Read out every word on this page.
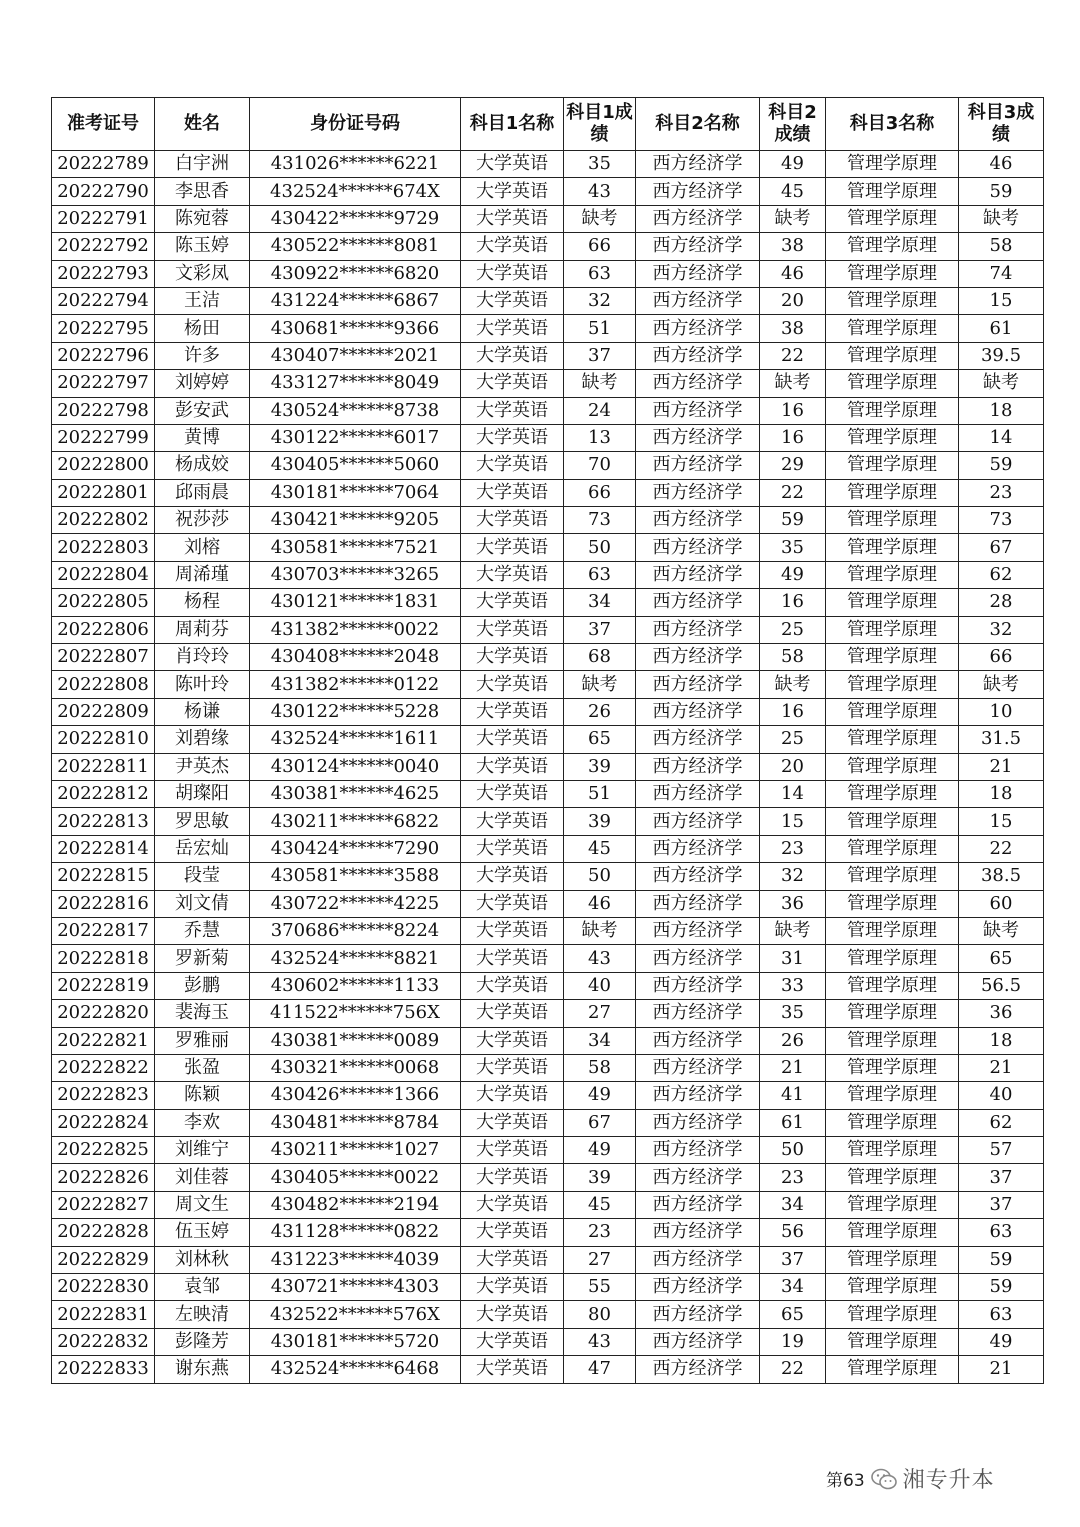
准考证号	姓名	身份证号码	科目1名称	科目1成绩	科目2名称	科目2成绩	科目3名称	科目3成绩
20222789	白宇洲	431026******6221	大学英语	35	西方经济学	49	管理学原理	46
20222790	李思香	432524******674X	大学英语	43	西方经济学	45	管理学原理	59
20222791	陈宛蓉	430422******9729	大学英语	缺考	西方经济学	缺考	管理学原理	缺考
20222792	陈玉婷	430522******8081	大学英语	66	西方经济学	38	管理学原理	58
20222793	文彩凤	430922******6820	大学英语	63	西方经济学	46	管理学原理	74
20222794	王洁	431224******6867	大学英语	32	西方经济学	20	管理学原理	15
20222795	杨田	430681******9366	大学英语	51	西方经济学	38	管理学原理	61
20222796	许多	430407******2021	大学英语	37	西方经济学	22	管理学原理	39.5
20222797	刘婷婷	433127******8049	大学英语	缺考	西方经济学	缺考	管理学原理	缺考
20222798	彭安武	430524******8738	大学英语	24	西方经济学	16	管理学原理	18
20222799	黄博	430122******6017	大学英语	13	西方经济学	16	管理学原理	14
20222800	杨成姣	430405******5060	大学英语	70	西方经济学	29	管理学原理	59
20222801	邱雨晨	430181******7064	大学英语	66	西方经济学	22	管理学原理	23
20222802	祝莎莎	430421******9205	大学英语	73	西方经济学	59	管理学原理	73
20222803	刘榕	430581******7521	大学英语	50	西方经济学	35	管理学原理	67
20222804	周浠瑾	430703******3265	大学英语	63	西方经济学	49	管理学原理	62
20222805	杨程	430121******1831	大学英语	34	西方经济学	16	管理学原理	28
20222806	周莉芬	431382******0022	大学英语	37	西方经济学	25	管理学原理	32
20222807	肖玲玲	430408******2048	大学英语	68	西方经济学	58	管理学原理	66
20222808	陈叶玲	431382******0122	大学英语	缺考	西方经济学	缺考	管理学原理	缺考
20222809	杨谦	430122******5228	大学英语	26	西方经济学	16	管理学原理	10
20222810	刘碧缘	432524******1611	大学英语	65	西方经济学	25	管理学原理	31.5
20222811	尹英杰	430124******0040	大学英语	39	西方经济学	20	管理学原理	21
20222812	胡璨阳	430381******4625	大学英语	51	西方经济学	14	管理学原理	18
20222813	罗思敏	430211******6822	大学英语	39	西方经济学	15	管理学原理	15
20222814	岳宏灿	430424******7290	大学英语	45	西方经济学	23	管理学原理	22
20222815	段莹	430581******3588	大学英语	50	西方经济学	32	管理学原理	38.5
20222816	刘文倩	430722******4225	大学英语	46	西方经济学	36	管理学原理	60
20222817	乔慧	370686******8224	大学英语	缺考	西方经济学	缺考	管理学原理	缺考
20222818	罗新菊	432524******8821	大学英语	43	西方经济学	31	管理学原理	65
20222819	彭鹏	430602******1133	大学英语	40	西方经济学	33	管理学原理	56.5
20222820	裴海玉	411522******756X	大学英语	27	西方经济学	35	管理学原理	36
20222821	罗雅丽	430381******0089	大学英语	34	西方经济学	26	管理学原理	18
20222822	张盈	430321******0068	大学英语	58	西方经济学	21	管理学原理	21
20222823	陈颖	430426******1366	大学英语	49	西方经济学	41	管理学原理	40
20222824	李欢	430481******8784	大学英语	67	西方经济学	61	管理学原理	62
20222825	刘维宁	430211******1027	大学英语	49	西方经济学	50	管理学原理	57
20222826	刘佳蓉	430405******0022	大学英语	39	西方经济学	23	管理学原理	37
20222827	周文生	430482******2194	大学英语	45	西方经济学	34	管理学原理	37
20222828	伍玉婷	431128******0822	大学英语	23	西方经济学	56	管理学原理	63
20222829	刘林秋	431223******4039	大学英语	27	西方经济学	37	管理学原理	59
20222830	袁邹	430721******4303	大学英语	55	西方经济学	34	管理学原理	59
20222831	左映清	432522******576X	大学英语	80	西方经济学	65	管理学原理	63
20222832	彭隆芳	430181******5720	大学英语	43	西方经济学	19	管理学原理	49
20222833	谢东燕	432524******6468	大学英语	47	西方经济学	22	管理学原理	21
第63 湘专升本
